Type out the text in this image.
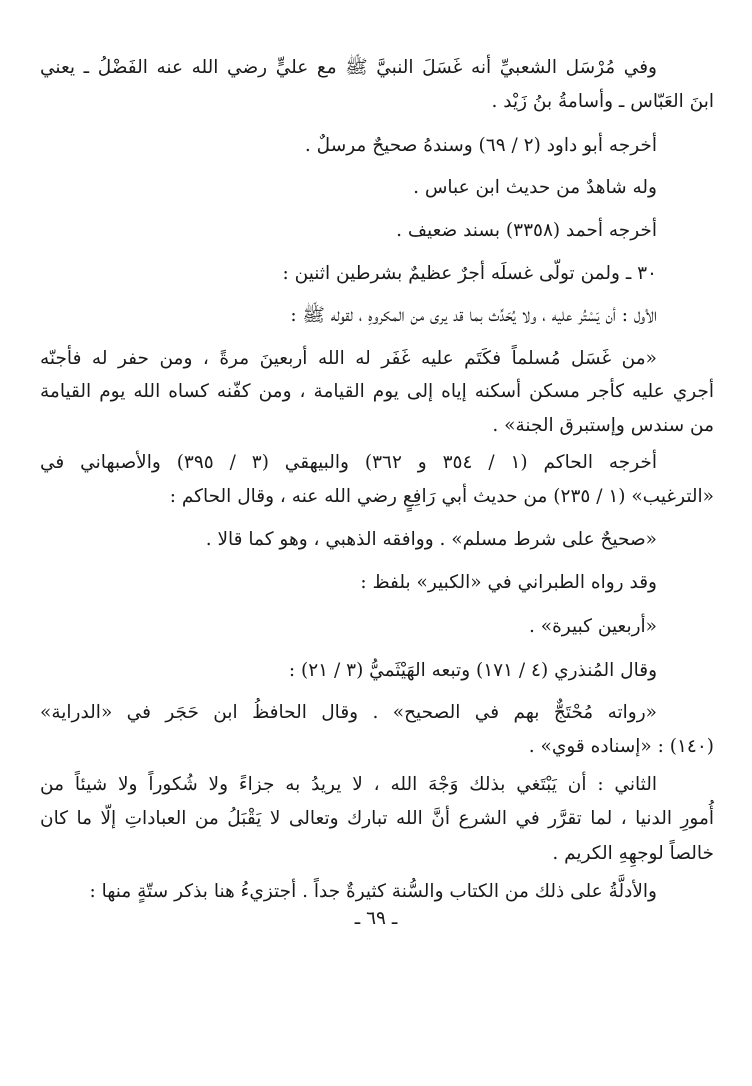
وفي مُرْسَل الشعبيِّ أنه غَسَلَ النبيَّ ﷺ مع عليٍّ رضي الله عنه الفَضْلُ ـ يعني
ابنَ العَبّاس ـ وأسامةُ بنُ زَيْد .
أخرجه أبو داود (٢ / ٦٩) وسندهُ صحيحٌ مرسلٌ .
وله شاهدٌ من حديث ابن عباس .
أخرجه أحمد (٣٣٥٨) بسند ضعيف .
٣٠ ـ ولمن تولّى غسلَه أجرٌ عظيمٌ بشرطين اثنين :
الأول : أن يَسْتُر عليه ، ولا يُحَدِّث بما قد يرى من المكروهِ ، لقوله ﷺ :
«من غَسَل مُسلماً فكَتَم عليه غَفَر له الله أربعينَ مرةً ، ومن حفر له فأجنّه
أجري عليه كأجر مسكن أسكنه إياه إلى يوم القيامة ، ومن كفّنه كساه الله يوم القيامة
من سندس وإستبرق الجنة» .
أخرجه الحاكم (١ / ٣٥٤ و ٣٦٢) والبيهقي (٣ / ٣٩٥) والأصبهاني في
«الترغيب» (١ / ٢٣٥) من حديث أبي رَافِعٍ رضي الله عنه ، وقال الحاكم :
«صحيحٌ على شرط مسلم» . ووافقه الذهبي ، وهو كما قالا .
وقد رواه الطبراني في «الكبير» بلفظ :
«أربعين كبيرة» .
وقال المُنذري (٤ / ١٧١) وتبعه الهَيْثَميُّ (٣ / ٢١) :
«رواته مُحْتَجٌّ بهم في الصحيح» . وقال الحافظُ ابن حَجَر في «الدراية»
(١٤٠) : «إسناده قوي» .
الثاني : أن يَبْتَغي بذلك وَجْهَ الله ، لا يريدُ به جزاءً ولا شُكوراً ولا شيئاً من
أُمورِ الدنيا ، لما تقرَّر في الشرع أنَّ الله تبارك وتعالى لا يَقْبَلُ من العباداتِ إلّا ما كان
خالصاً لوجهِهِ الكريم .
والأدلَّةُ على ذلك من الكتاب والسُّنة كثيرةٌ جداً . أجتزيءُ هنا بذكر ستّةٍ منها :
ـ ٦٩ ـ
